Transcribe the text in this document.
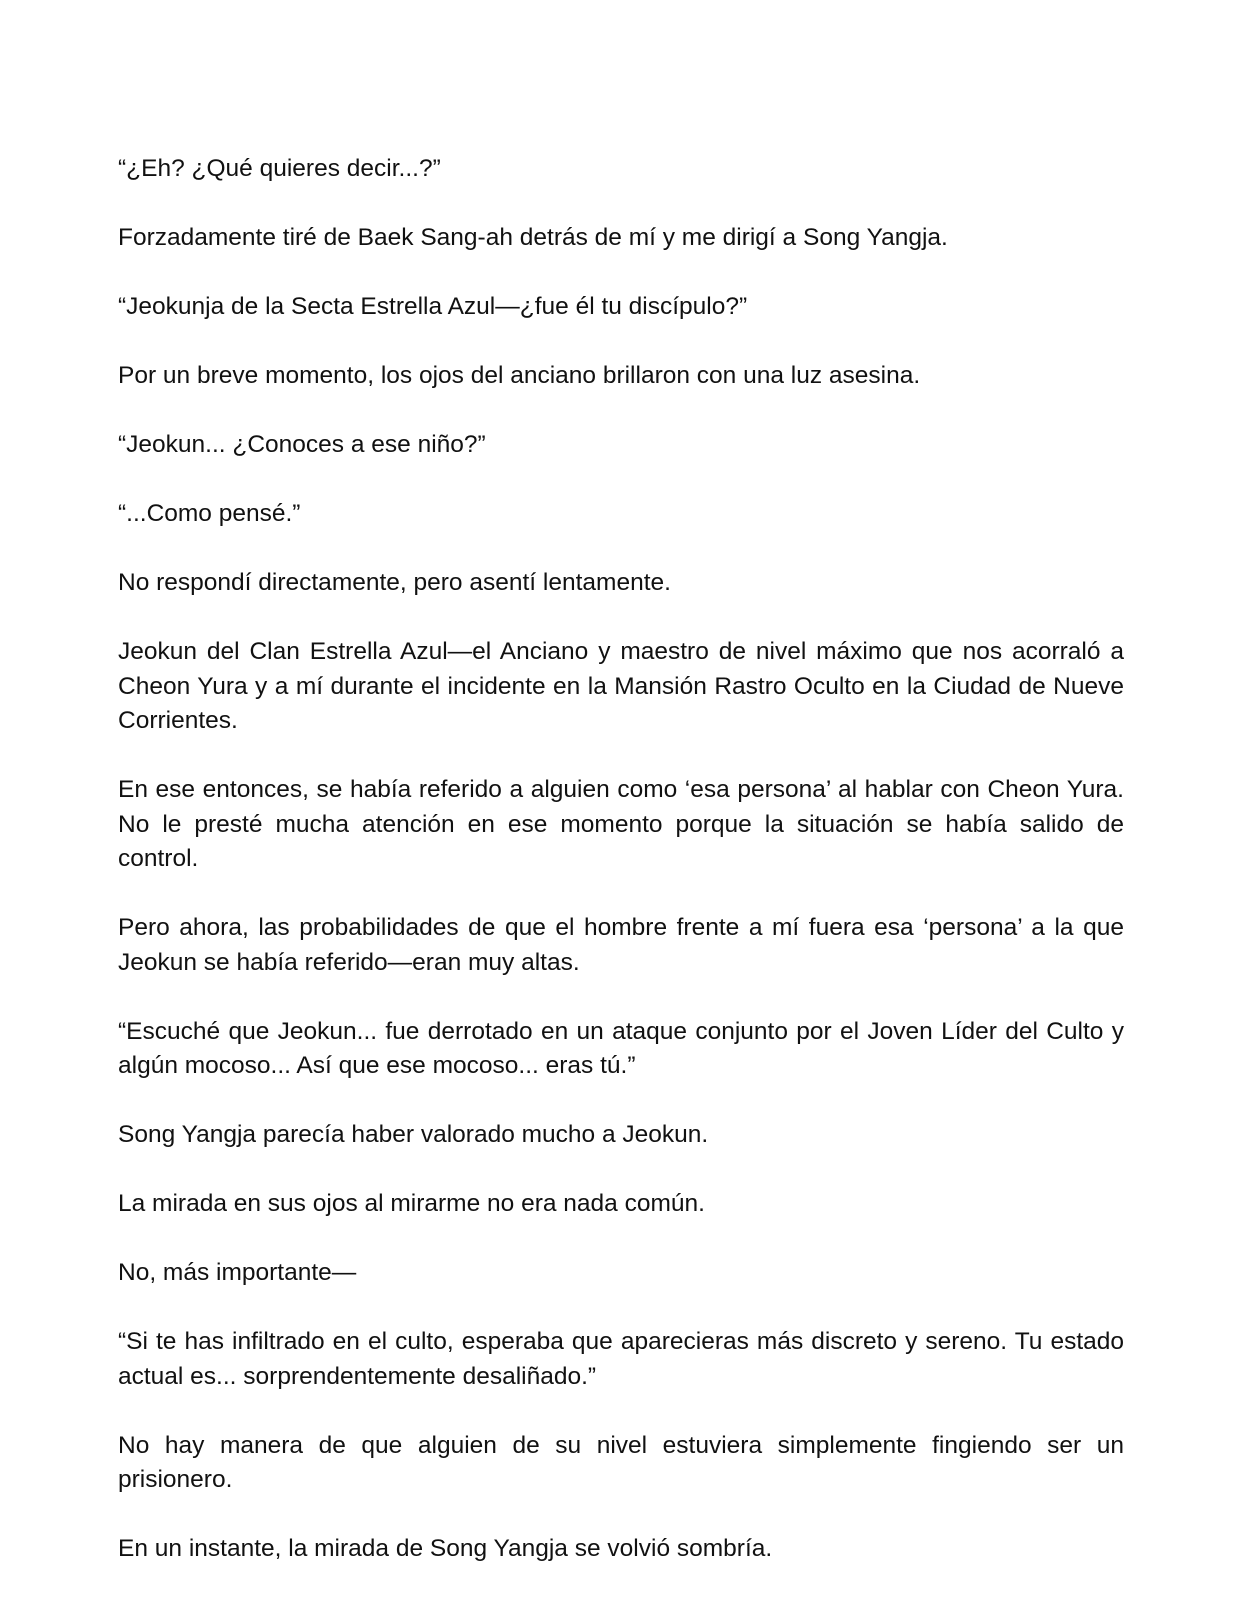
“¿Eh? ¿Qué quieres decir...?”

Forzadamente tiré de Baek Sang-ah detrás de mí y me dirigí a Song Yangja.

“Jeokunja de la Secta Estrella Azul—¿fue él tu discípulo?”

Por un breve momento, los ojos del anciano brillaron con una luz asesina.

“Jeokun... ¿Conoces a ese niño?”

“...Como pensé.”

No respondí directamente, pero asentí lentamente.

Jeokun del Clan Estrella Azul—el Anciano y maestro de nivel máximo que nos acorraló a Cheon Yura y a mí durante el incidente en la Mansión Rastro Oculto en la Ciudad de Nueve Corrientes.

En ese entonces, se había referido a alguien como ‘esa persona’ al hablar con Cheon Yura. No le presté mucha atención en ese momento porque la situación se había salido de control.

Pero ahora, las probabilidades de que el hombre frente a mí fuera esa ‘persona’ a la que Jeokun se había referido—eran muy altas.

“Escuché que Jeokun... fue derrotado en un ataque conjunto por el Joven Líder del Culto y algún mocoso... Así que ese mocoso... eras tú.”

Song Yangja parecía haber valorado mucho a Jeokun.

La mirada en sus ojos al mirarme no era nada común.

No, más importante—

“Si te has infiltrado en el culto, esperaba que aparecieras más discreto y sereno. Tu estado actual es... sorprendentemente desaliñado.”

No hay manera de que alguien de su nivel estuviera simplemente fingiendo ser un prisionero.

En un instante, la mirada de Song Yangja se volvió sombría.
